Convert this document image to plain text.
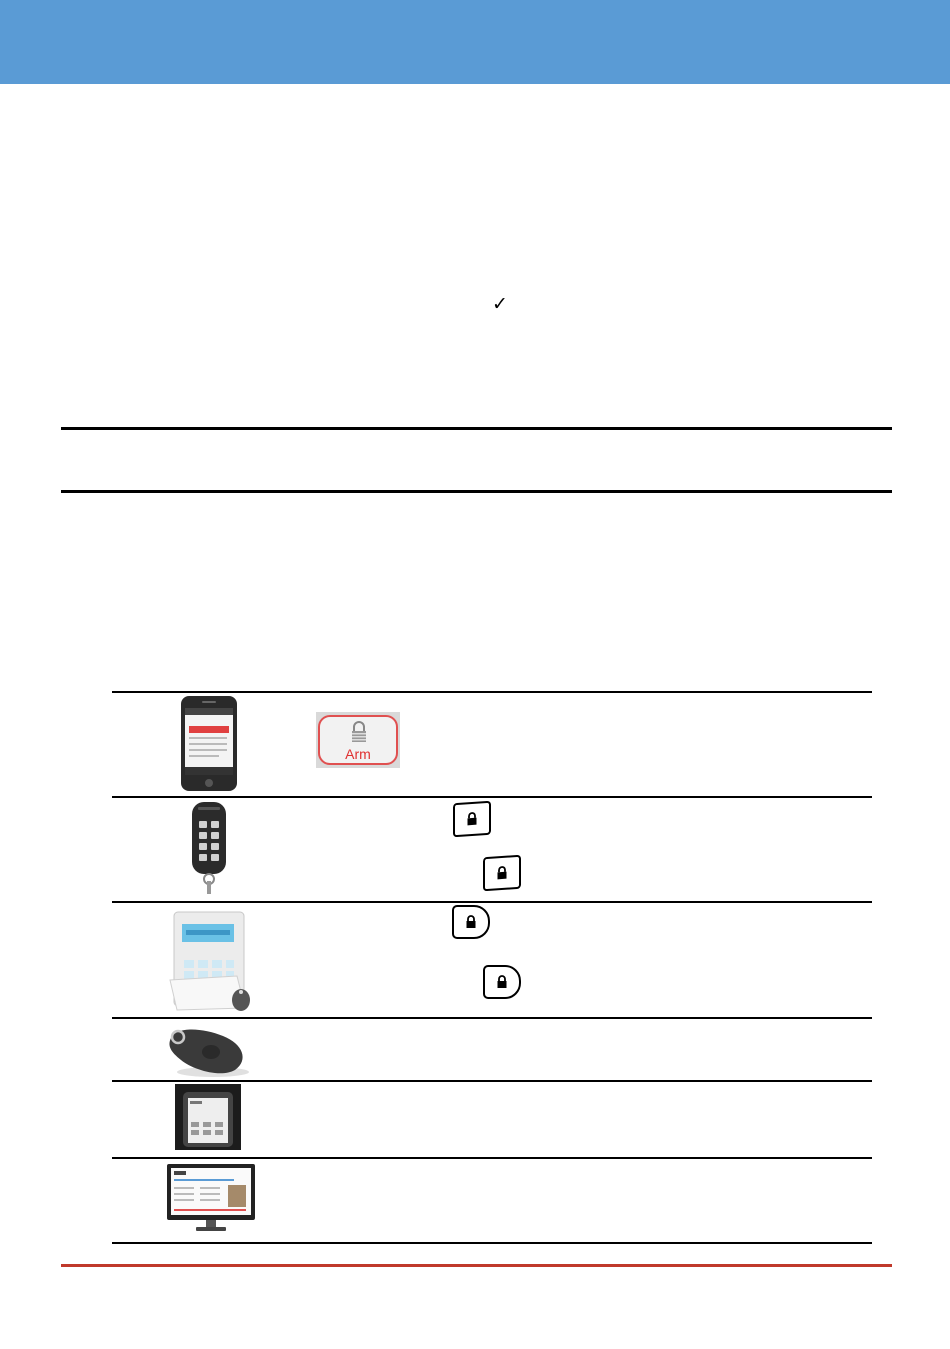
✓
Arm
